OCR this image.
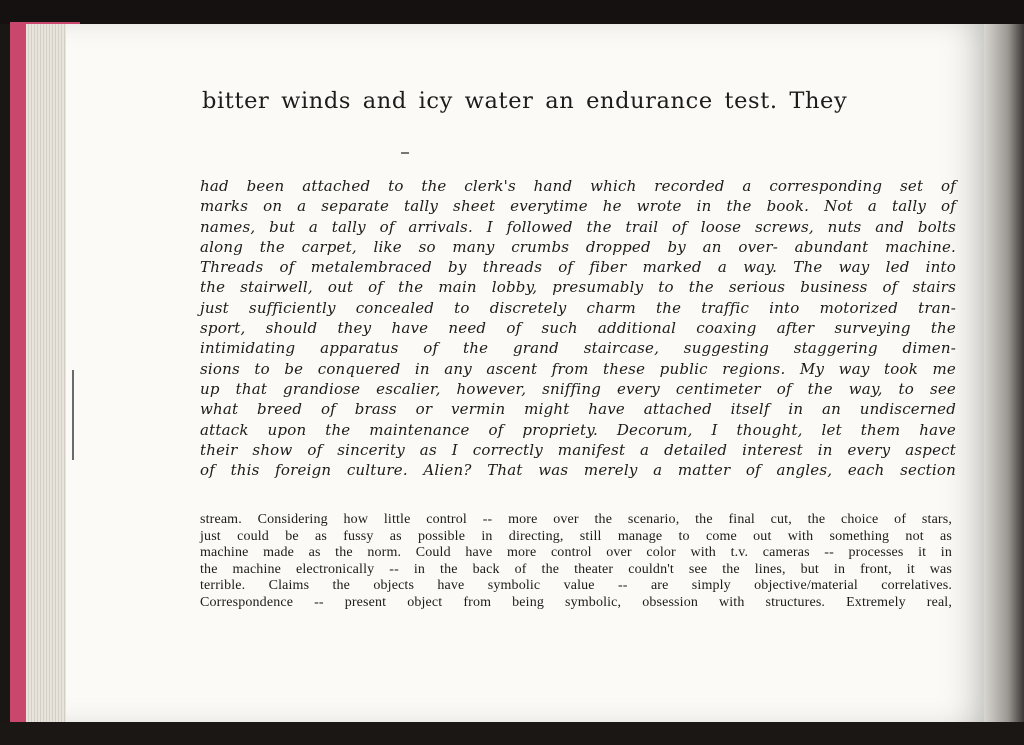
bitter winds and icy water an endurance test. They
had been attached to the clerk's hand which recorded a corresponding set of
marks on a separate tally sheet everytime he wrote in the book. Not a tally of
names, but a tally of arrivals. I followed the trail of loose screws, nuts and bolts
along the carpet, like so many crumbs dropped by an over- abundant machine.
Threads of metalembraced by threads of fiber marked a way. The way led into
the stairwell, out of the main lobby, presumably to the serious business of stairs
just sufficiently concealed to discretely charm the traffic into motorized tran-
sport, should they have need of such additional coaxing after surveying the
intimidating apparatus of the grand staircase, suggesting staggering dimen-
sions to be conquered in any ascent from these public regions. My way took me
up that grandiose escalier, however, sniffing every centimeter of the way, to see
what breed of brass or vermin might have attached itself in an undiscerned
attack upon the maintenance of propriety. Decorum, I thought, let them have
their show of sincerity as I correctly manifest a detailed interest in every aspect
of this foreign culture. Alien? That was merely a matter of angles, each section
stream. Considering how little control -- more over the scenario, the final cut, the choice of stars,
just could be as fussy as possible in directing, still manage to come out with something not as
machine made as the norm. Could have more control over color with t.v. cameras -- processes it in
the machine electronically -- in the back of the theater couldn't see the lines, but in front, it was
terrible. Claims the objects have symbolic value -- are simply objective/material correlatives.
Correspondence -- present object from being symbolic, obsession with structures. Extremely real,
